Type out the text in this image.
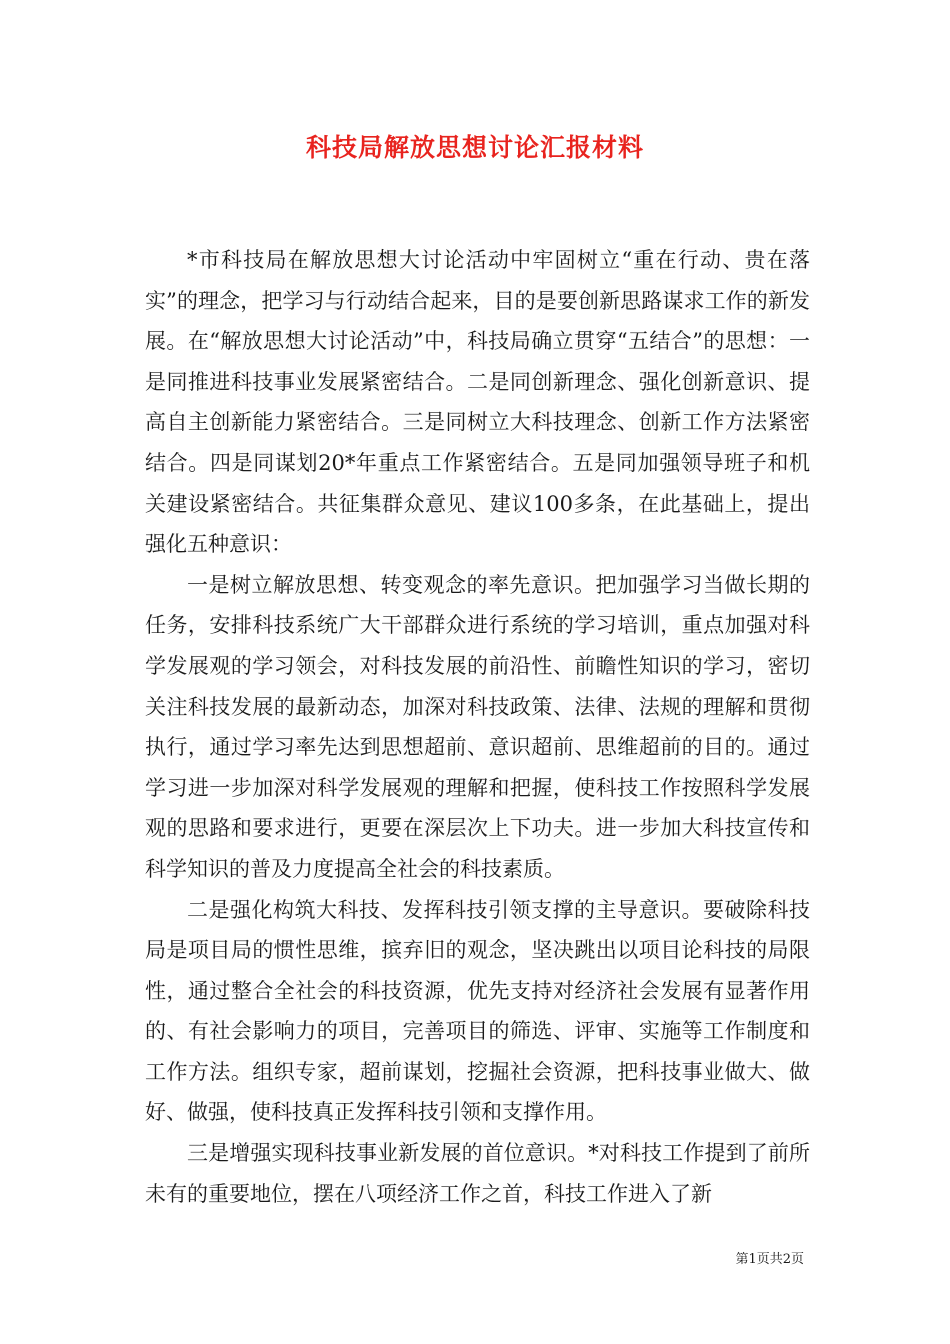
科技局解放思想讨论汇报材料

*市科技局在解放思想大讨论活动中牢固树立“重在行动、贵在落实”的理念，把学习与行动结合起来，目的是要创新思路谋求工作的新发展。在“解放思想大讨论活动”中，科技局确立贯穿“五结合”的思想：一是同推进科技事业发展紧密结合。二是同创新理念、强化创新意识、提高自主创新能力紧密结合。三是同树立大科技理念、创新工作方法紧密结合。四是同谋划20*年重点工作紧密结合。五是同加强领导班子和机关建设紧密结合。共征集群众意见、建议100多条，在此基础上，提出强化五种意识：

一是树立解放思想、转变观念的率先意识。把加强学习当做长期的任务，安排科技系统广大干部群众进行系统的学习培训，重点加强对科学发展观的学习领会，对科技发展的前沿性、前瞻性知识的学习，密切关注科技发展的最新动态，加深对科技政策、法律、法规的理解和贯彻执行，通过学习率先达到思想超前、意识超前、思维超前的目的。通过学习进一步加深对科学发展观的理解和把握，使科技工作按照科学发展观的思路和要求进行，更要在深层次上下功夫。进一步加大科技宣传和科学知识的普及力度提高全社会的科技素质。

二是强化构筑大科技、发挥科技引领支撑的主导意识。要破除科技局是项目局的惯性思维，摈弃旧的观念，坚决跳出以项目论科技的局限性，通过整合全社会的科技资源，优先支持对经济社会发展有显著作用的、有社会影响力的项目，完善项目的筛选、评审、实施等工作制度和工作方法。组织专家，超前谋划，挖掘社会资源，把科技事业做大、做好、做强，使科技真正发挥科技引领和支撑作用。

三是增强实现科技事业新发展的首位意识。*对科技工作提到了前所未有的重要地位，摆在八项经济工作之首，科技工作进入了新

第1页共2页
